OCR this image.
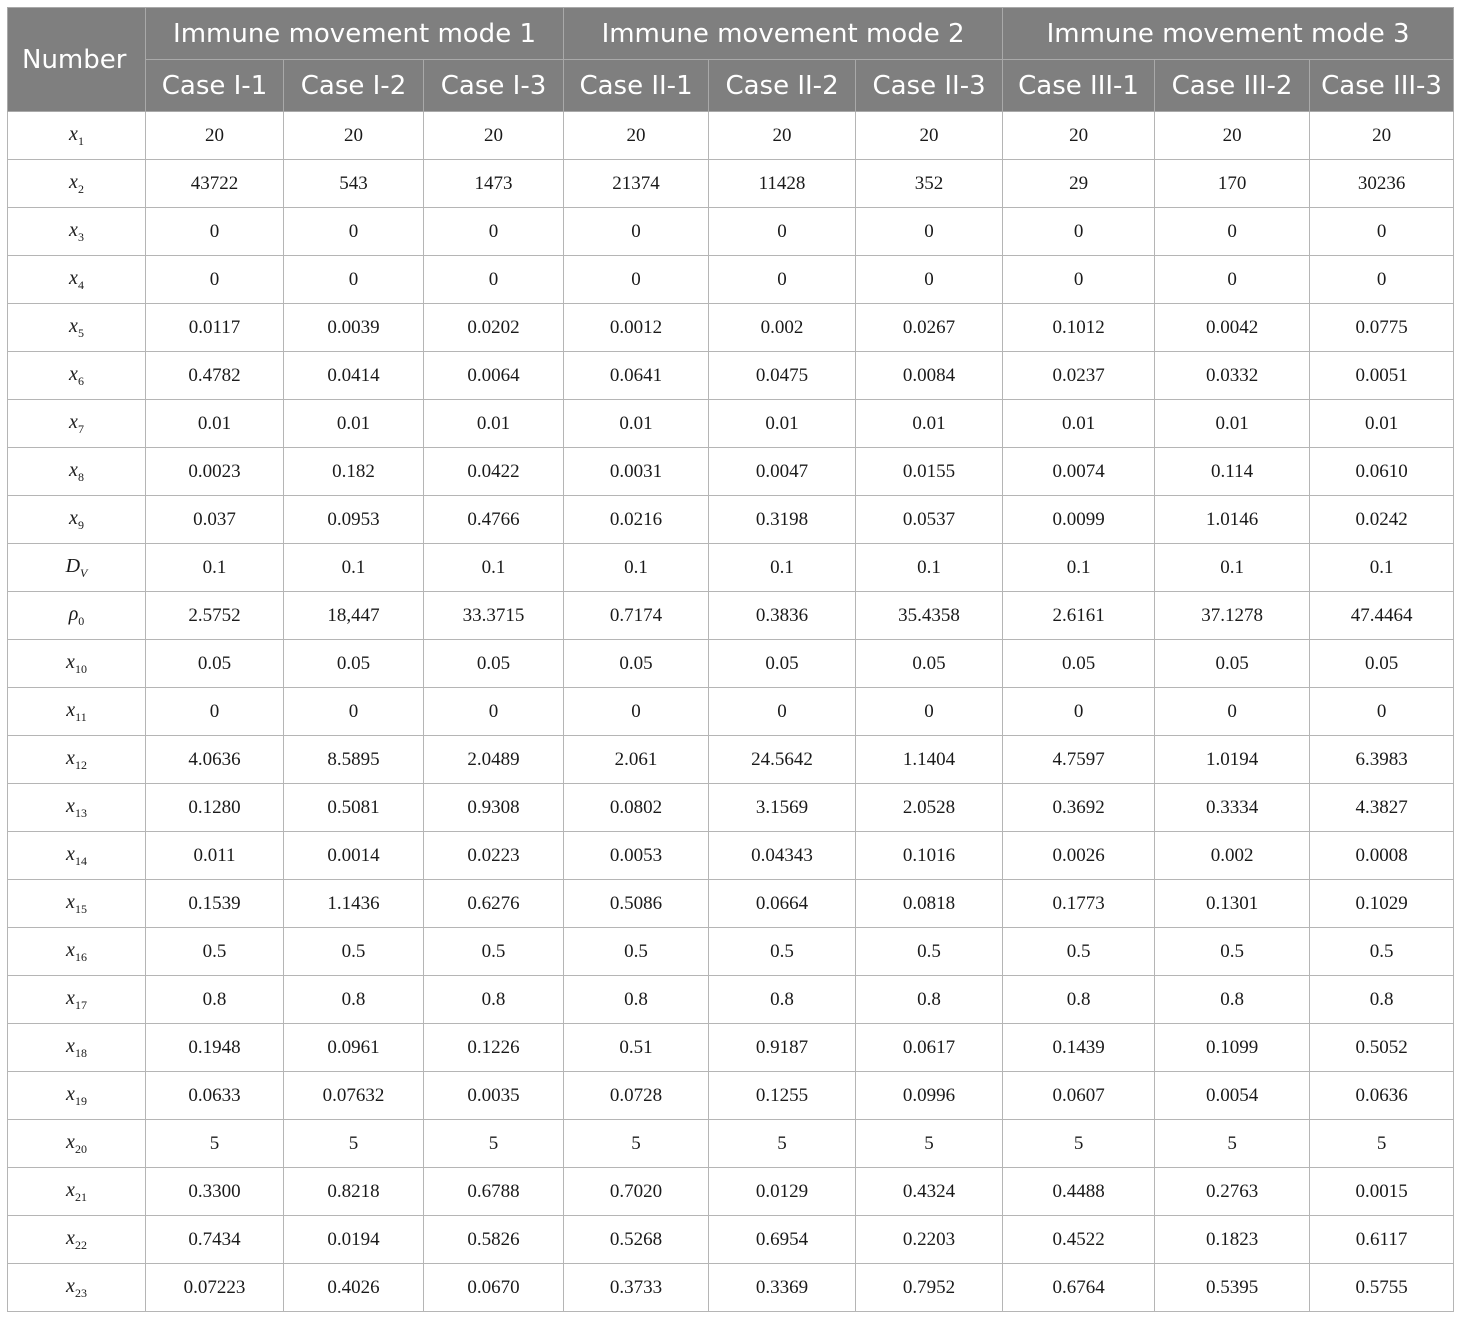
Number	Immune movement mode 1			Immune movement mode 2			Immune movement mode 3		
	Case I-1	Case I-2	Case I-3	Case II-1	Case II-2	Case II-3	Case III-1	Case III-2	Case III-3
$x_1$	20	20	20	20	20	20	20	20	20
$x_2$	43722	543	1473	21374	11428	352	29	170	30236
$x_3$	0	0	0	0	0	0	0	0	0
$x_4$	0	0	0	0	0	0	0	0	0
$x_5$	0.0117	0.0039	0.0202	0.0012	0.002	0.0267	0.1012	0.0042	0.0775
$x_6$	0.4782	0.0414	0.0064	0.0641	0.0475	0.0084	0.0237	0.0332	0.0051
$x_7$	0.01	0.01	0.01	0.01	0.01	0.01	0.01	0.01	0.01
$x_8$	0.0023	0.182	0.0422	0.0031	0.0047	0.0155	0.0074	0.114	0.0610
$x_9$	0.037	0.0953	0.4766	0.0216	0.3198	0.0537	0.0099	1.0146	0.0242
$D_V$	0.1	0.1	0.1	0.1	0.1	0.1	0.1	0.1	0.1
$\rho_0$	2.5752	18,447	33.3715	0.7174	0.3836	35.4358	2.6161	37.1278	47.4464
$x_{10}$	0.05	0.05	0.05	0.05	0.05	0.05	0.05	0.05	0.05
$x_{11}$	0	0	0	0	0	0	0	0	0
$x_{12}$	4.0636	8.5895	2.0489	2.061	24.5642	1.1404	4.7597	1.0194	6.3983
$x_{13}$	0.1280	0.5081	0.9308	0.0802	3.1569	2.0528	0.3692	0.3334	4.3827
$x_{14}$	0.011	0.0014	0.0223	0.0053	0.04343	0.1016	0.0026	0.002	0.0008
$x_{15}$	0.1539	1.1436	0.6276	0.5086	0.0664	0.0818	0.1773	0.1301	0.1029
$x_{16}$	0.5	0.5	0.5	0.5	0.5	0.5	0.5	0.5	0.5
$x_{17}$	0.8	0.8	0.8	0.8	0.8	0.8	0.8	0.8	0.8
$x_{18}$	0.1948	0.0961	0.1226	0.51	0.9187	0.0617	0.1439	0.1099	0.5052
$x_{19}$	0.0633	0.07632	0.0035	0.0728	0.1255	0.0996	0.0607	0.0054	0.0636
$x_{20}$	5	5	5	5	5	5	5	5	5
$x_{21}$	0.3300	0.8218	0.6788	0.7020	0.0129	0.4324	0.4488	0.2763	0.0015
$x_{22}$	0.7434	0.0194	0.5826	0.5268	0.6954	0.2203	0.4522	0.1823	0.6117
$x_{23}$	0.07223	0.4026	0.0670	0.3733	0.3369	0.7952	0.6764	0.5395	0.5755
